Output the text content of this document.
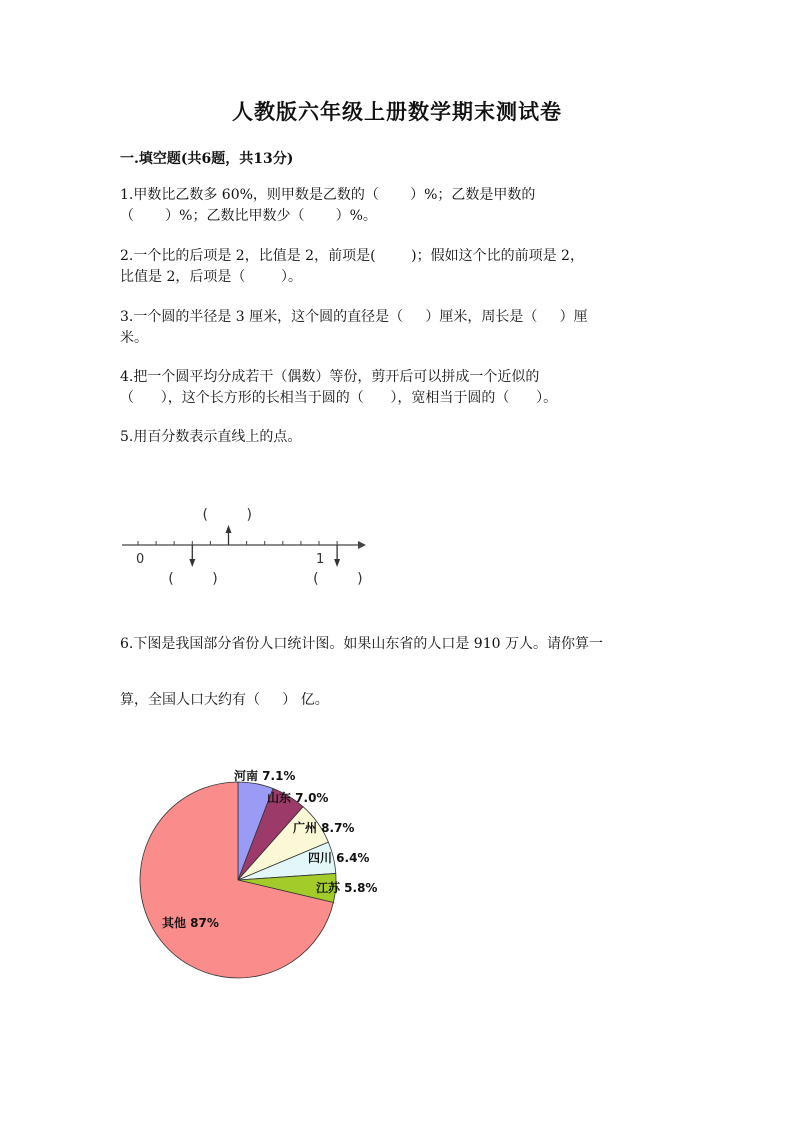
人教版六年级上册数学期末测试卷
一.填空题(共6题，共13分)
1.甲数比乙数多 60%，则甲数是乙数的（       ）%；乙数是甲数的
（       ）%；乙数比甲数少（       ）%。
2.一个比的后项是 2，比值是 2，前项是(        )；假如这个比的前项是 2，
比值是 2，后项是（        ）。
3.一个圆的半径是 3 厘米，这个圆的直径是（     ）厘米，周长是（     ）厘
米。
4.把一个圆平均分成若干（偶数）等份，剪开后可以拼成一个近似的
（      ），这个长方形的长相当于圆的（      ），宽相当于圆的（      ）。
5.用百分数表示直线上的点。
0	1
(	)
(	)
(	)
6.下图是我国部分省份人口统计图。如果山东省的人口是 910 万人。请你算一
算，全国人口大约有（     ） 亿。
河南 7.1%
山东 7.0%
广州 8.7%
四川 6.4%
江苏 5.8%
其他 87%
